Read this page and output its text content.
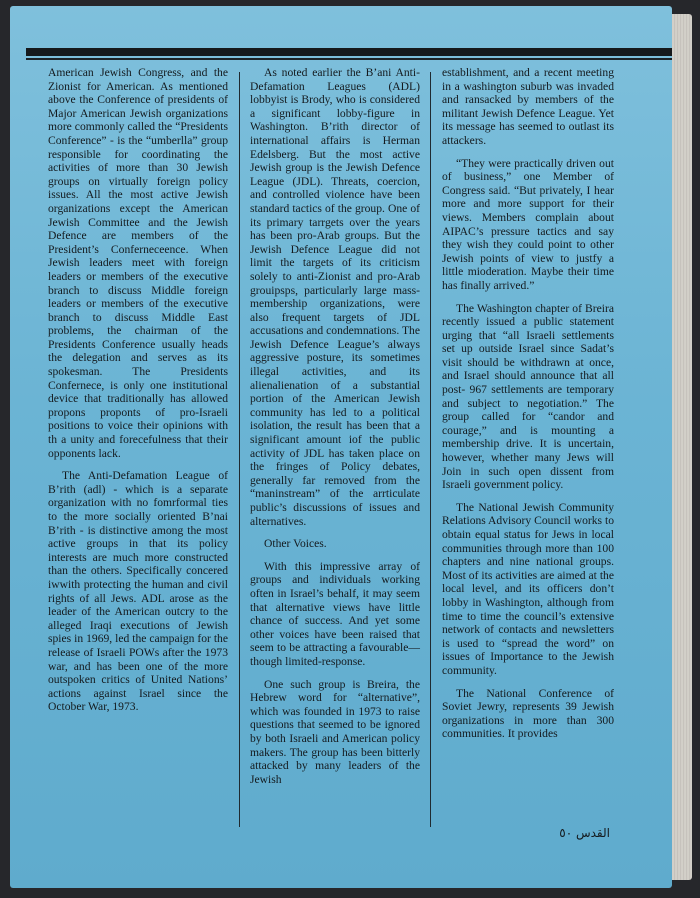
American Jewish Congress, and the Zionist for American. As mentioned above the Conference of presidents of Major American Jewish organizations more commonly called the “Presidents Conference” - is the “umberlla” group responsible for coordinating the activities of more than 30 Jewish groups on virtually foreign policy issues. All the most active Jewish organizations except the American Jewish Committee and the Jewish Defence are members of the President’s Conferneceence. When Jewish leaders meet with foreign leaders or members of the executive branch to discuss Middle foreign leaders or members of the executive branch to discuss Middle East problems, the chairman of the Presidents Conference usually heads the delegation and serves as its spokesman. The Presidents Confernece, is only one institutional device that traditionally has allowed propons proponts of pro-Israeli positions to voice their opinions with th a unity and forecefulness that their opponents lack.

The Anti-Defamation League of B’rith (adl) - which is a separate organization with no fomrformal ties to the more socially oriented B’nai B’rith - is distinctive among the most active groups in that its policy interests are much more constructed than the others. Specifically concered iwwith protecting the human and civil rights of all Jews. ADL arose as the leader of the American outcry to the alleged Iraqi executions of Jewish spies in 1969, led the campaign for the release of Israeli POWs after the 1973 war, and has been one of the more outspoken critics of United Nations’ actions against Israel since the October War, 1973.

As noted earlier the B’ani Anti-Defamation Leagues (ADL) lobbyist is Brody, who is considered a significant lobby-figure in Washington. B’rith director of international affairs is Herman Edelsberg. But the most active Jewish group is the Jewish Defence League (JDL). Threats, coercion, and controlled violence have been standard tactics of the group. One of its primary tarrgets over the years has been pro-Arab groups. But the Jewish Defence League did not limit the targets of its criticism solely to anti-Zionist and pro-Arab grouipsps, particularly large mass-membership organizations, were also frequent targets of JDL accusations and condemnations. The Jewish Defence League’s always aggressive posture, its sometimes illegal activities, and its alienalienation of a substantial portion of the American Jewish community has led to a political isolation, the result has been that a significant amount iof the public activity of JDL has taken place on the fringes of Policy debates, generally far removed from the “maninstream” of the arrticulate public’s discussions of issues and alternatives.

Other Voices.

With this impressive array of groups and individuals working often in Israel’s behalf, it may seem that alternative views have little chance of success. And yet some other voices have been raised that seem to be attracting a favourable—though limited-response.

One such group is Breira, the Hebrew word for “alternative”, which was founded in 1973 to raise questions that seemed to be ignored by both Israeli and American policy makers. The group has been bitterly attacked by many leaders of the Jewish

establishment, and a recent meeting in a washington suburb was invaded and ransacked by members of the militant Jewish Defence League. Yet its message has seemed to outlast its attackers.

“They were practically driven out of business,” one Member of Congress said. “But privately, I hear more and more support for their views. Members complain about AIPAC’s pressure tactics and say they wish they could point to other Jewish points of view to justfy a little mioderation. Maybe their time has finally arrived.”

The Washington chapter of Breira recently issued a public statement urging that “all Israeli settlements set up outside Israel since Sadat’s visit should be withdrawn at once, and Israel should announce that all post- 967 settlements are temporary and subject to negotiation.” The group called for “candor and courage,” and is mounting a membership drive. It is uncertain, however, whether many Jews will Join in such open dissent from Israeli government policy.

The National Jewish Community Relations Advisory Council works to obtain equal status for Jews in local communities through more than 100 chapters and nine national groups. Most of its activities are aimed at the local level, and its officers don’t lobby in Washington, although from time to time the council’s extensive network of contacts and newsletters is used to “spread the word” on issues of Importance to the Jewish community.

The National Conference of Soviet Jewry, represents 39 Jewish organizations in more than 300 communities. It provides

القدس ٥٠
